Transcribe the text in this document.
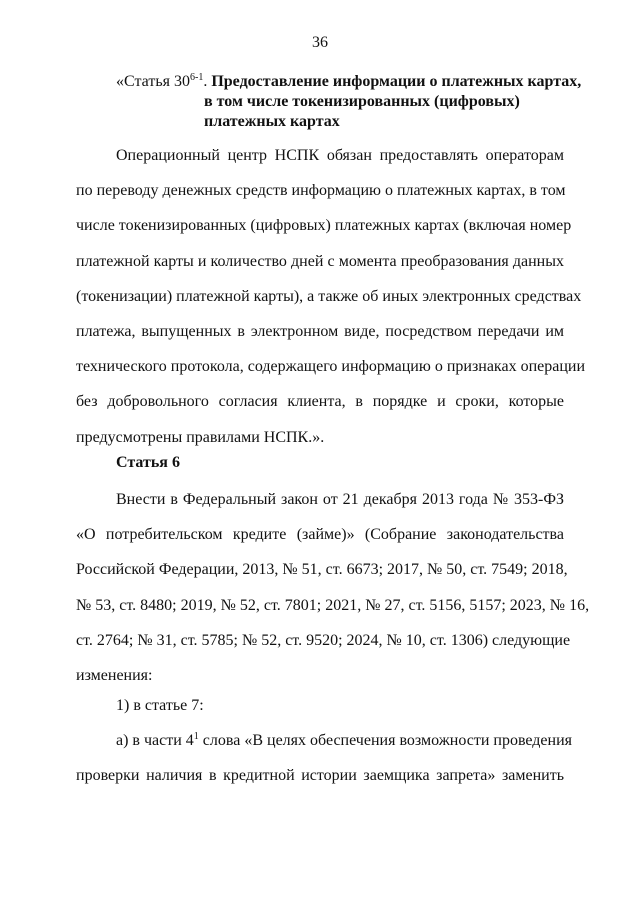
36
«Статья 30$^{6-1}$. Предоставление информации о платежных картах,
в том числе токенизированных (цифровых)
платежных картах
Операционный центр НСПК обязан предоставлять операторам
по переводу денежных средств информацию о платежных картах, в том
числе токенизированных (цифровых) платежных картах (включая номер
платежной карты и количество дней с момента преобразования данных
(токенизации) платежной карты), а также об иных электронных средствах
платежа, выпущенных в электронном виде, посредством передачи им
технического протокола, содержащего информацию о признаках операции
без добровольного согласия клиента, в порядке и сроки, которые
предусмотрены правилами НСПК.».
Статья 6
Внести в Федеральный закон от 21 декабря 2013 года № 353-ФЗ
«О потребительском кредите (займе)» (Собрание законодательства
Российской Федерации, 2013, № 51, ст. 6673; 2017, № 50, ст. 7549; 2018,
№ 53, ст. 8480; 2019, № 52, ст. 7801; 2021, № 27, ст. 5156, 5157; 2023, № 16,
ст. 2764; № 31, ст. 5785; № 52, ст. 9520; 2024, № 10, ст. 1306) следующие
изменения:
1) в статье 7:
а) в части $4^1$ слова «В целях обеспечения возможности проведения
проверки наличия в кредитной истории заемщика запрета» заменить
